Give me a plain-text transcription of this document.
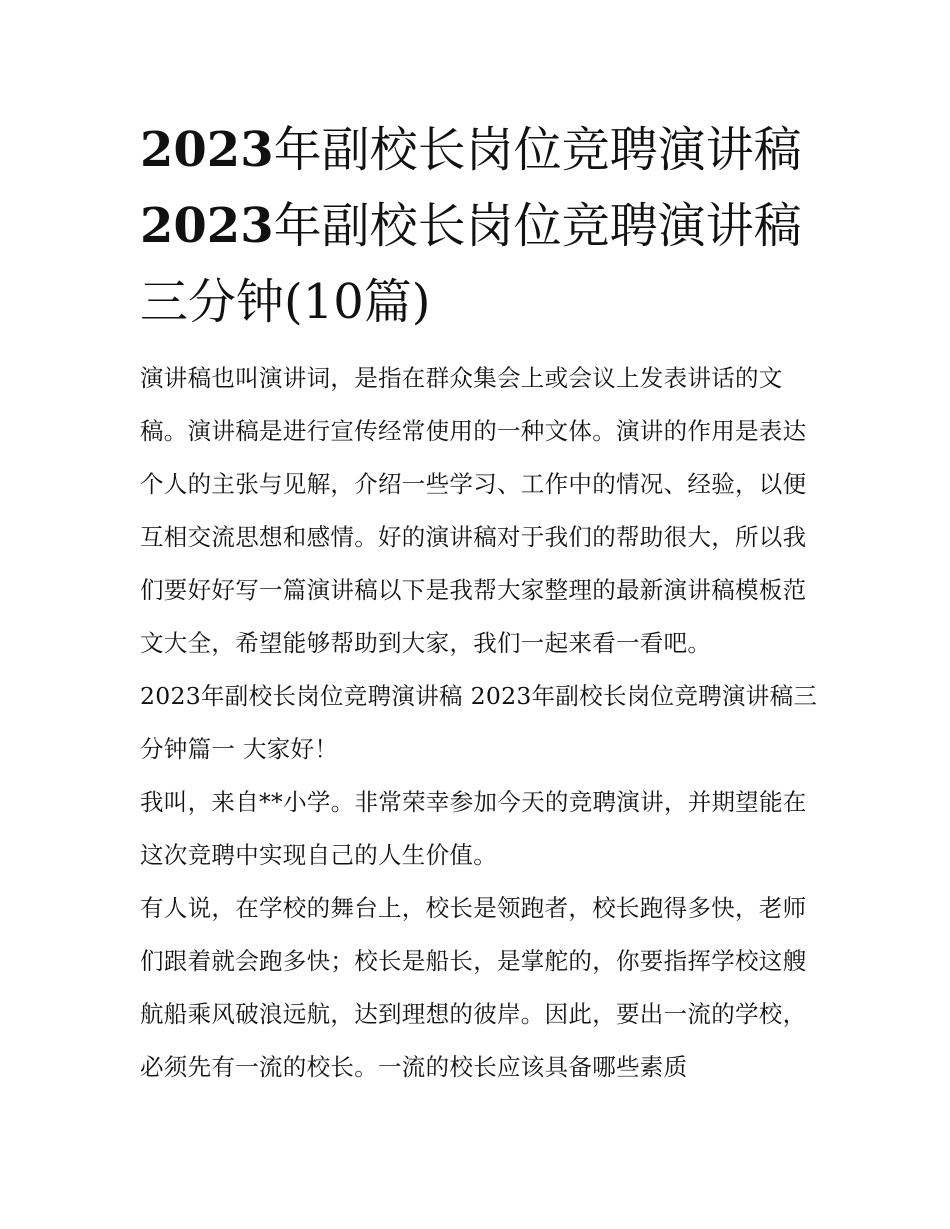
2023年副校长岗位竞聘演讲稿
2023年副校长岗位竞聘演讲稿
三分钟(10篇)

演讲稿也叫演讲词，是指在群众集会上或会议上发表讲话的文稿。演讲稿是进行宣传经常使用的一种文体。演讲的作用是表达个人的主张与见解，介绍一些学习、工作中的情况、经验，以便互相交流思想和感情。好的演讲稿对于我们的帮助很大，所以我们要好好写一篇演讲稿以下是我帮大家整理的最新演讲稿模板范文大全，希望能够帮助到大家，我们一起来看一看吧。

2023年副校长岗位竞聘演讲稿 2023年副校长岗位竞聘演讲稿三分钟篇一 大家好！

我叫，来自**小学。非常荣幸参加今天的竞聘演讲，并期望能在这次竞聘中实现自己的人生价值。

有人说，在学校的舞台上，校长是领跑者，校长跑得多快，老师们跟着就会跑多快；校长是船长，是掌舵的，你要指挥学校这艘航船乘风破浪远航，达到理想的彼岸。因此，要出一流的学校，必须先有一流的校长。一流的校长应该具备哪些素质
